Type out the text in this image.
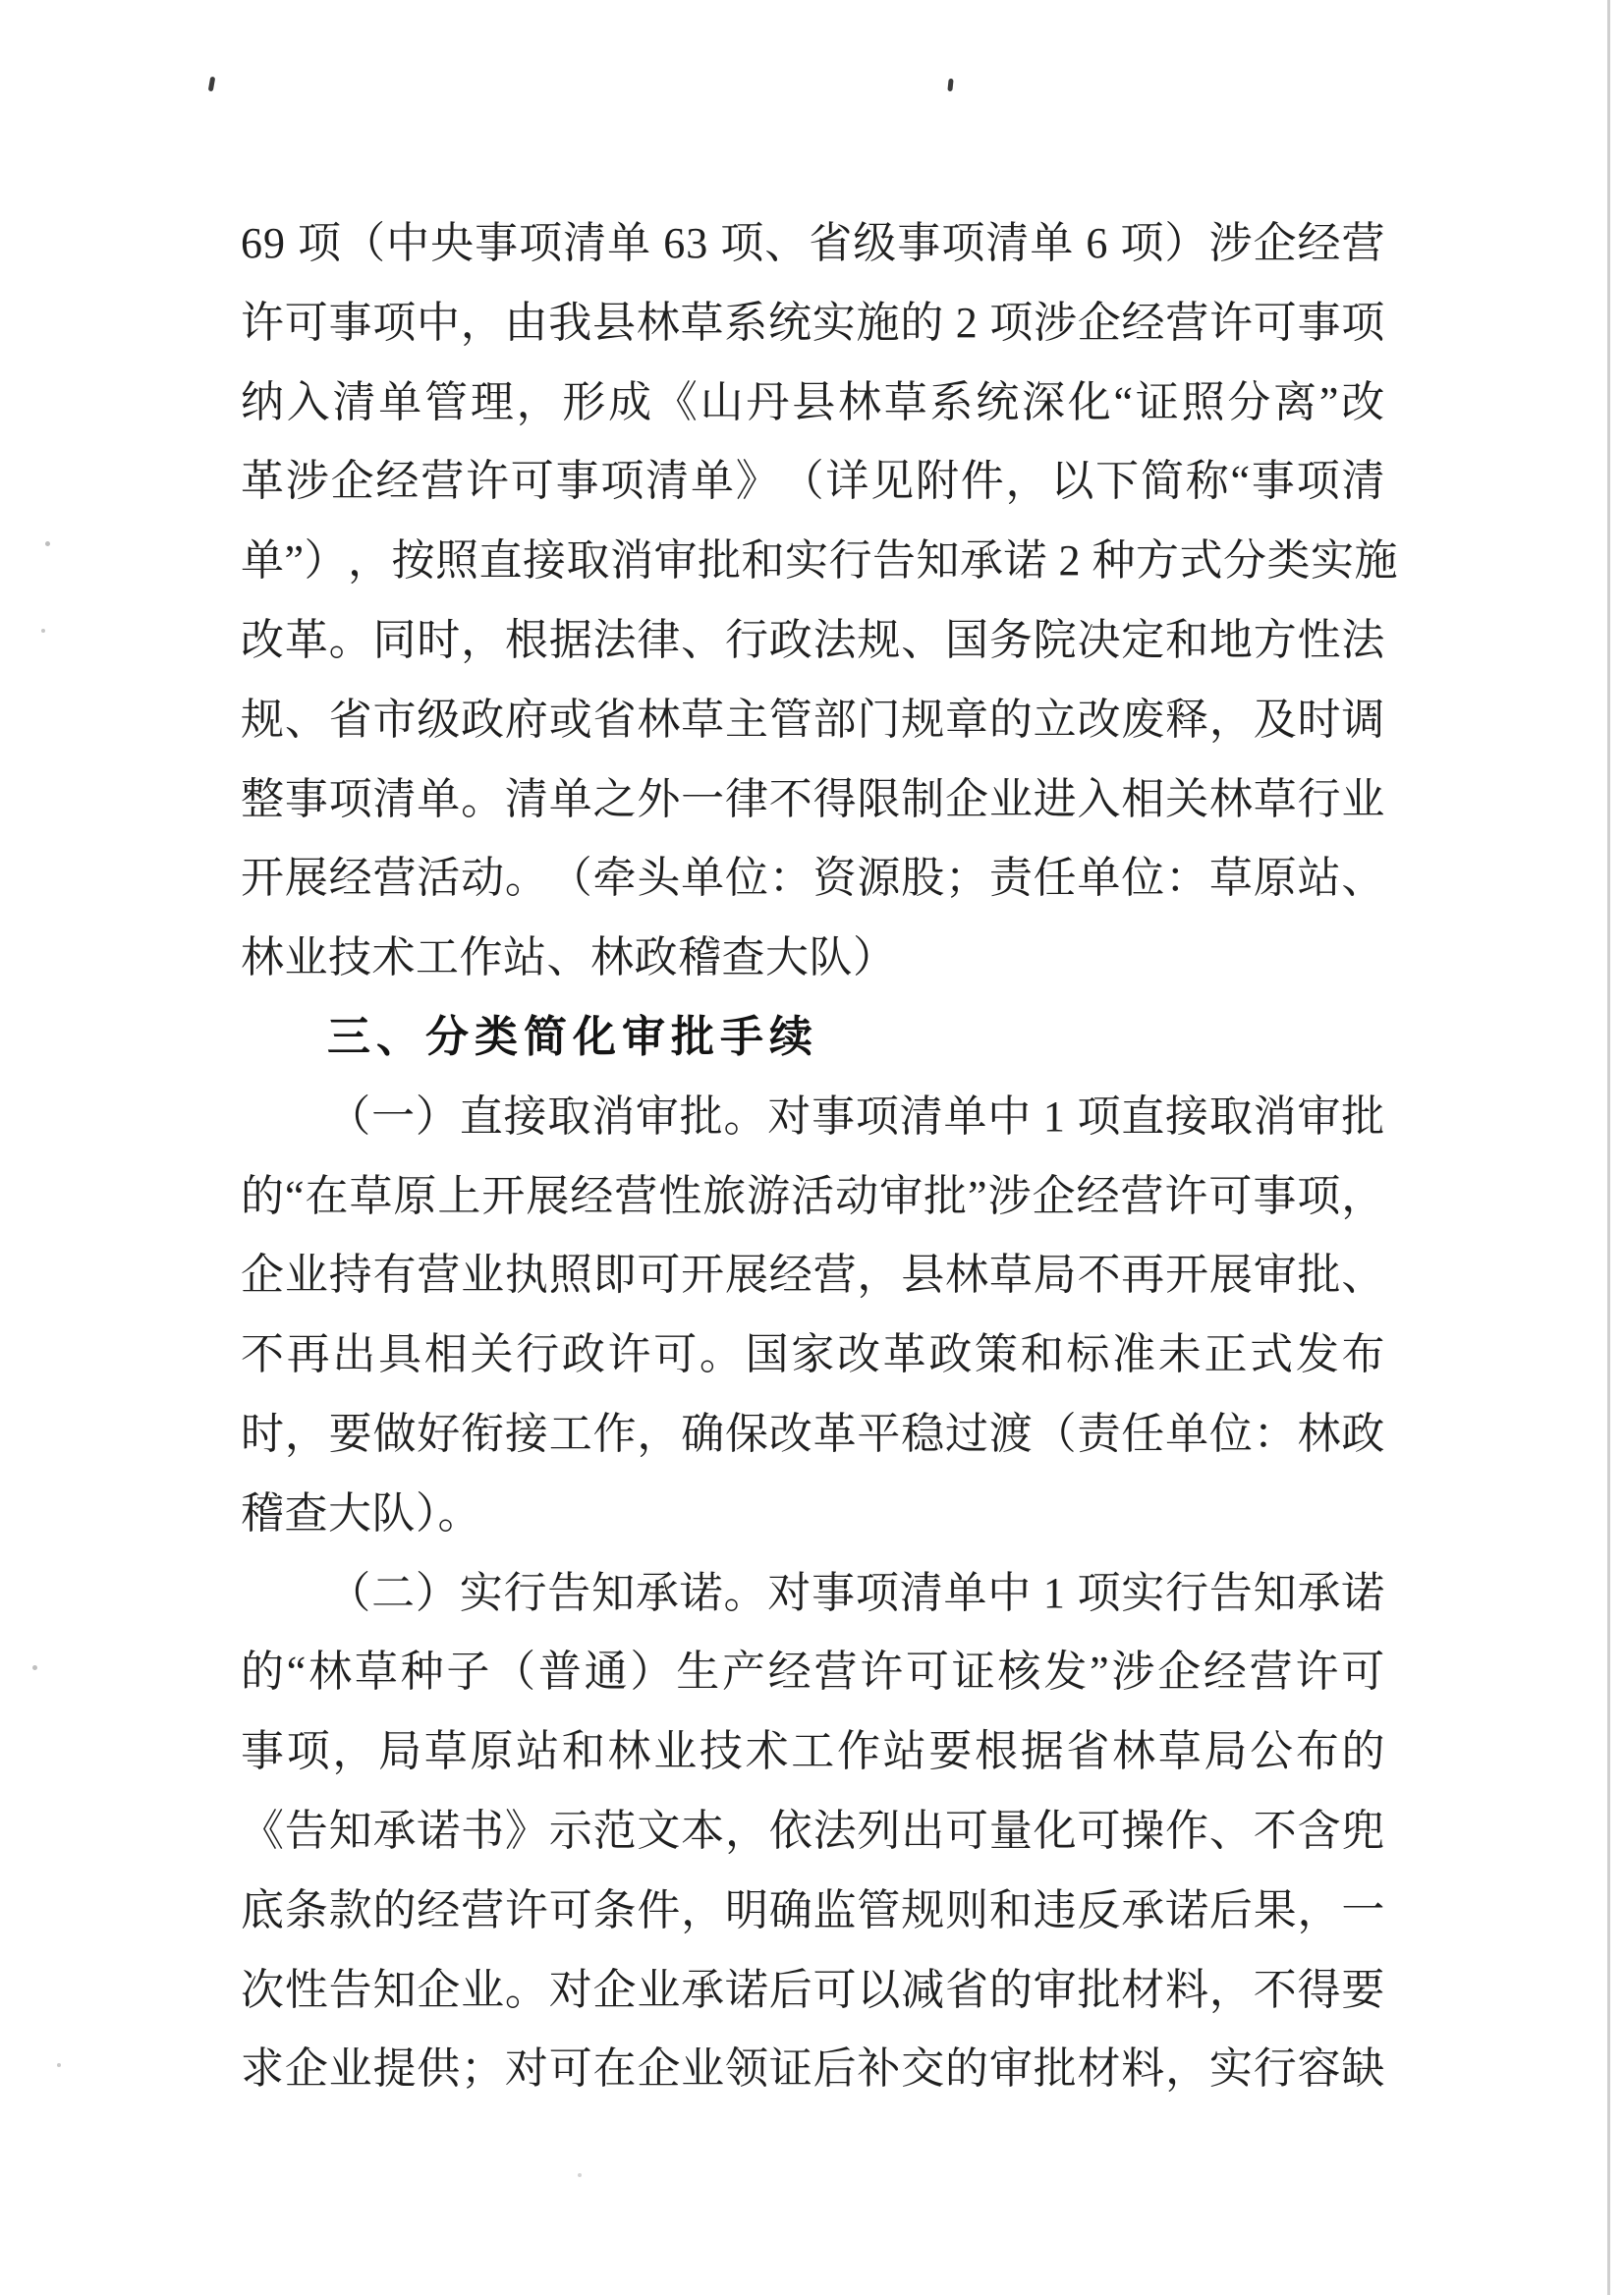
6 9
项 （ 中 央 事 项 清 单
6 3
项 、 省 级 事 项 清 单
6
项 ） 涉 企 经 营
许 可 事 项 中 ， 由 我 县 林 草 系 统 实 施 的
2
项 涉 企 经 营 许 可 事 项
纳 入 清 单 管 理 ， 形 成 《 山 丹 县 林 草 系 统 深 化 “ 证 照 分 离 ” 改
革 涉 企 经 营 许 可 事 项 清 单 》 （ 详 见 附 件 ， 以 下 简 称 “ 事 项 清
单 ” ） ， 按 照 直 接 取 消 审 批 和 实 行 告 知 承 诺
2
种 方 式 分 类 实 施
改 革 。 同 时 ， 根 据 法 律 、 行 政 法 规 、 国 务 院 决 定 和 地 方 性 法
规 、 省 市 级 政 府 或 省 林 草 主 管 部 门 规 章 的 立 改 废 释 ， 及 时 调
整 事 项 清 单 。 清 单 之 外 一 律 不 得 限 制 企 业 进 入 相 关 林 草 行 业
开 展 经 营 活 动 。 （ 牵 头 单 位 ： 资 源 股 ； 责 任 单 位 ： 草 原 站 、
林业技术工作站、林政稽查大队）
三、分类简化审批手续
（ 一 ） 直 接 取 消 审 批 。 对 事 项 清 单 中
1
项 直 接 取 消 审 批
的 “ 在 草 原 上 开 展 经 营 性 旅 游 活 动 审 批 ” 涉 企 经 营 许 可 事 项 ，
企 业 持 有 营 业 执 照 即 可 开 展 经 营 ， 县 林 草 局 不 再 开 展 审 批 、
不 再 出 具 相 关 行 政 许 可 。 国 家 改 革 政 策 和 标 准 未 正 式 发 布
时 ， 要 做 好 衔 接 工 作 ， 确 保 改 革 平 稳 过 渡 （ 责 任 单 位 ： 林 政
稽查大队）。
（ 二 ） 实 行 告 知 承 诺 。 对 事 项 清 单 中
1
项 实 行 告 知 承 诺
的 “ 林 草 种 子 （ 普 通 ） 生 产 经 营 许 可 证 核 发 ” 涉 企 经 营 许 可
事 项 ， 局 草 原 站 和 林 业 技 术 工 作 站 要 根 据 省 林 草 局 公 布 的
《 告 知 承 诺 书 》 示 范 文 本 ， 依 法 列 出 可 量 化 可 操 作 、 不 含 兜
底 条 款 的 经 营 许 可 条 件 ， 明 确 监 管 规 则 和 违 反 承 诺 后 果 ， 一
次 性 告 知 企 业 。 对 企 业 承 诺 后 可 以 减 省 的 审 批 材 料 ， 不 得 要
求 企 业 提 供 ； 对 可 在 企 业 领 证 后 补 交 的 审 批 材 料 ， 实 行 容 缺
